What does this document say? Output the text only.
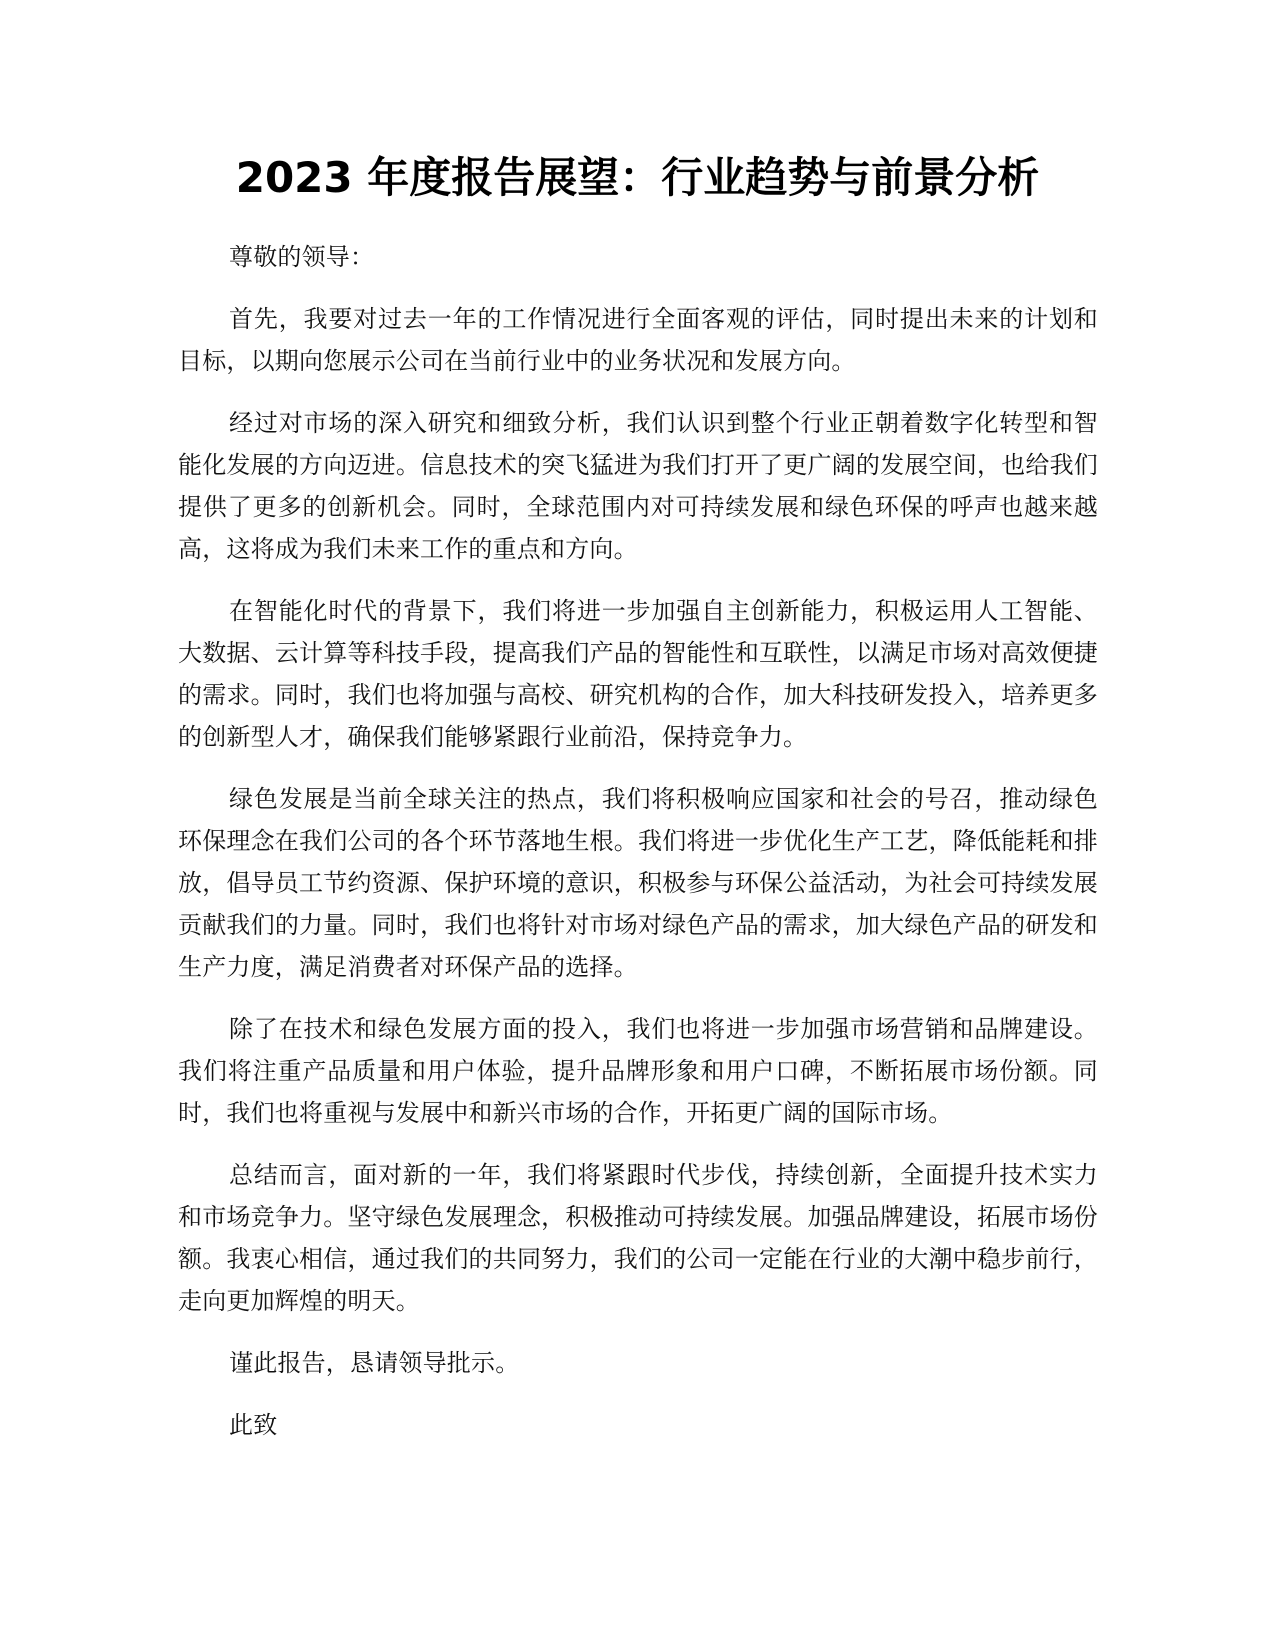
2023 年度报告展望：行业趋势与前景分析

尊敬的领导：

首先，我要对过去一年的工作情况进行全面客观的评估，同时提出未来的计划和目标，以期向您展示公司在当前行业中的业务状况和发展方向。

经过对市场的深入研究和细致分析，我们认识到整个行业正朝着数字化转型和智能化发展的方向迈进。信息技术的突飞猛进为我们打开了更广阔的发展空间，也给我们提供了更多的创新机会。同时，全球范围内对可持续发展和绿色环保的呼声也越来越高，这将成为我们未来工作的重点和方向。

在智能化时代的背景下，我们将进一步加强自主创新能力，积极运用人工智能、大数据、云计算等科技手段，提高我们产品的智能性和互联性，以满足市场对高效便捷的需求。同时，我们也将加强与高校、研究机构的合作，加大科技研发投入，培养更多的创新型人才，确保我们能够紧跟行业前沿，保持竞争力。

绿色发展是当前全球关注的热点，我们将积极响应国家和社会的号召，推动绿色环保理念在我们公司的各个环节落地生根。我们将进一步优化生产工艺，降低能耗和排放，倡导员工节约资源、保护环境的意识，积极参与环保公益活动，为社会可持续发展贡献我们的力量。同时，我们也将针对市场对绿色产品的需求，加大绿色产品的研发和生产力度，满足消费者对环保产品的选择。

除了在技术和绿色发展方面的投入，我们也将进一步加强市场营销和品牌建设。我们将注重产品质量和用户体验，提升品牌形象和用户口碑，不断拓展市场份额。同时，我们也将重视与发展中和新兴市场的合作，开拓更广阔的国际市场。

总结而言，面对新的一年，我们将紧跟时代步伐，持续创新，全面提升技术实力和市场竞争力。坚守绿色发展理念，积极推动可持续发展。加强品牌建设，拓展市场份额。我衷心相信，通过我们的共同努力，我们的公司一定能在行业的大潮中稳步前行，走向更加辉煌的明天。

谨此报告，恳请领导批示。

此致
